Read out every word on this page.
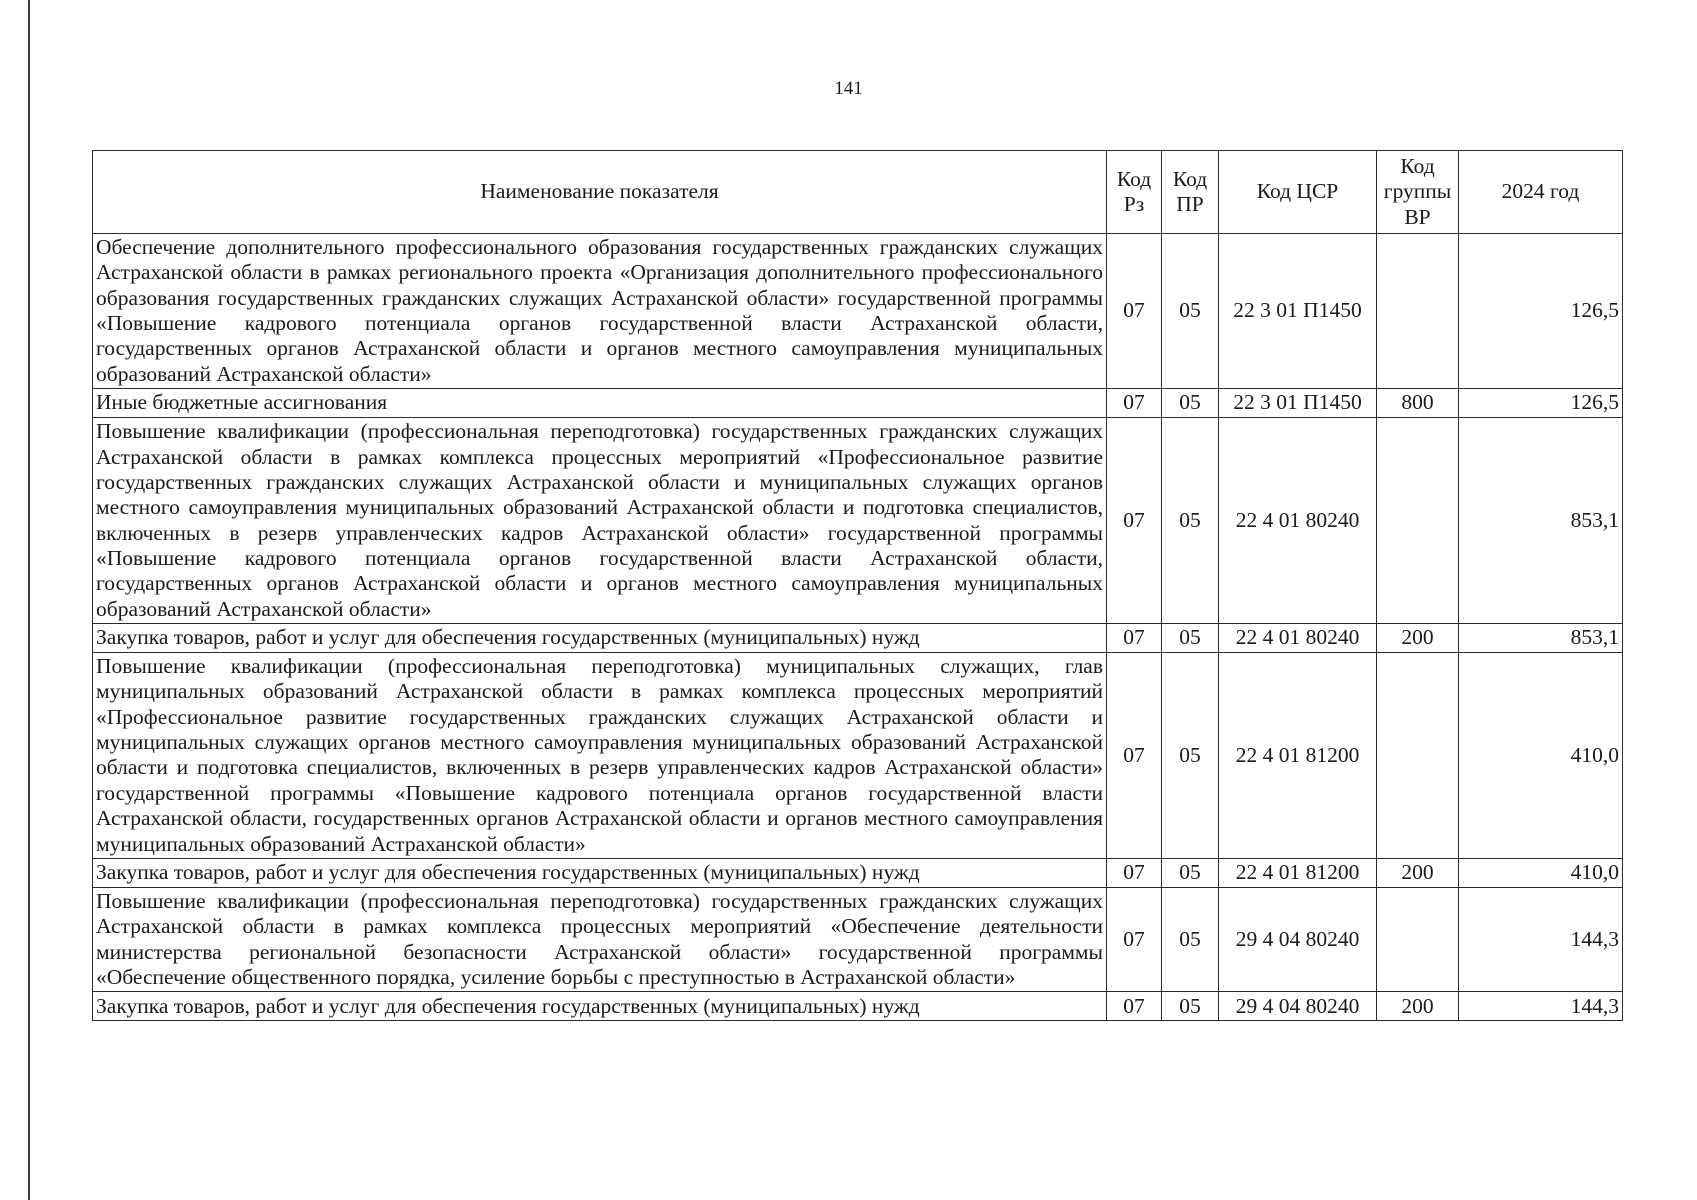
141
Наименование показателя	Код Рз	Код ПР	Код ЦСР	Код группы ВР	2024 год
Обеспечение дополнительного профессионального образования государственных гражданских служащих Астраханской области в рамках регионального проекта «Организация дополнительного профессионального образования государственных гражданских служащих Астраханской области» государственной программы «Повышение кадрового потенциала органов государственной власти Астраханской области, государственных органов Астраханской области и органов местного самоуправления муниципальных образований Астраханской области»	07	05	22 3 01 П1450		126,5
Иные бюджетные ассигнования	07	05	22 3 01 П1450	800	126,5
Повышение квалификации (профессиональная переподготовка) государственных гражданских служащих Астраханской области в рамках комплекса процессных мероприятий «Профессиональное развитие государственных гражданских служащих Астраханской области и муниципальных служащих органов местного самоуправления муниципальных образований Астраханской области и подготовка специалистов, включенных в резерв управленческих кадров Астраханской области» государственной программы «Повышение кадрового потенциала органов государственной власти Астраханской области, государственных органов Астраханской области и органов местного самоуправления муниципальных образований Астраханской области»	07	05	22 4 01 80240		853,1
Закупка товаров, работ и услуг для обеспечения государственных (муниципальных) нужд	07	05	22 4 01 80240	200	853,1
Повышение квалификации (профессиональная переподготовка) муниципальных служащих, глав муниципальных образований Астраханской области в рамках комплекса процессных мероприятий «Профессиональное развитие государственных гражданских служащих Астраханской области и муниципальных служащих органов местного самоуправления муниципальных образований Астраханской области и подготовка специалистов, включенных в резерв управленческих кадров Астраханской области» государственной программы «Повышение кадрового потенциала органов государственной власти Астраханской области, государственных органов Астраханской области и органов местного самоуправления муниципальных образований Астраханской области»	07	05	22 4 01 81200		410,0
Закупка товаров, работ и услуг для обеспечения государственных (муниципальных) нужд	07	05	22 4 01 81200	200	410,0
Повышение квалификации (профессиональная переподготовка) государственных гражданских служащих Астраханской области в рамках комплекса процессных мероприятий «Обеспечение деятельности министерства региональной безопасности Астраханской области» государственной программы «Обеспечение общественного порядка, усиление борьбы с преступностью в Астраханской области»	07	05	29 4 04 80240		144,3
Закупка товаров, работ и услуг для обеспечения государственных (муниципальных) нужд	07	05	29 4 04 80240	200	144,3
